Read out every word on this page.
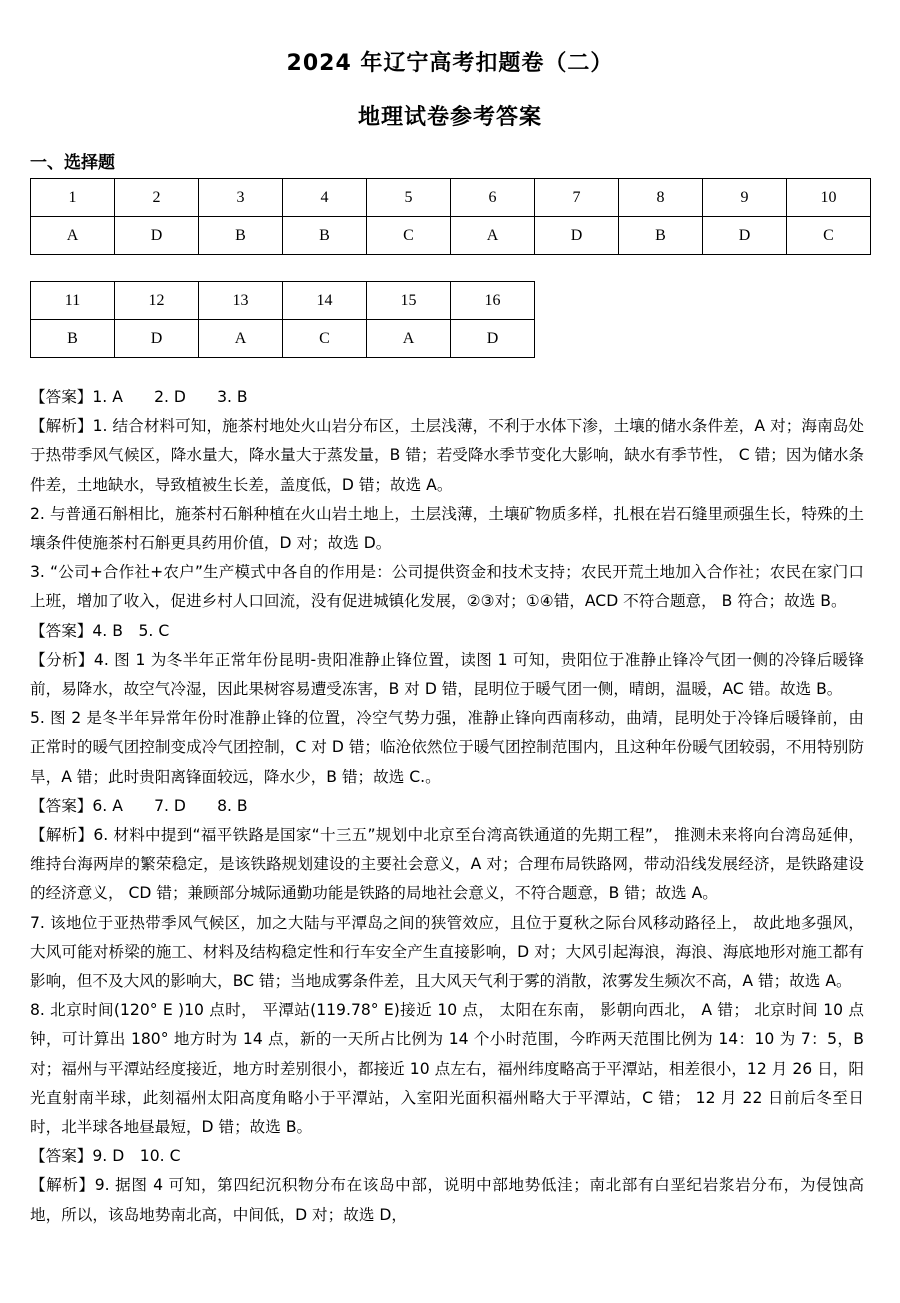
2024 年辽宁高考扣题卷（二）
地理试卷参考答案
一、选择题
1	2	3	4	5	6	7	8	9	10
A	D	B	B	C	A	D	B	D	C
11	12	13	14	15	16
B	D	A	C	A	D

【答案】1. A　　2. D　　3. B

【解析】1. 结合材料可知，施茶村地处火山岩分布区，土层浅薄，不利于水体下渗，土壤的储水条件差，A 对；海南岛处于热带季风气候区，降水量大，降水量大于蒸发量，B 错；若受降水季节变化大影响，缺水有季节性， C 错；因为储水条件差，土地缺水，导致植被生长差，盖度低，D 错；故选 A。

2. 与普通石斛相比，施茶村石斛种植在火山岩土地上，土层浅薄，土壤矿物质多样，扎根在岩石缝里顽强生长，特殊的土壤条件使施茶村石斛更具药用价值，D 对；故选 D。

3. “公司+合作社+农户”生产模式中各自的作用是：公司提供资金和技术支持；农民开荒土地加入合作社；农民在家门口上班，增加了收入，促进乡村人口回流，没有促进城镇化发展，②③对；①④错，ACD 不符合题意， B 符合；故选 B。

【答案】4. B　5. C

【分析】4. 图 1 为冬半年正常年份昆明-贵阳准静止锋位置，读图 1 可知，贵阳位于准静止锋冷气团一侧的冷锋后暖锋前，易降水，故空气冷湿，因此果树容易遭受冻害，B 对 D 错，昆明位于暖气团一侧，晴朗，温暖，AC 错。故选 B。

5. 图 2 是冬半年异常年份时准静止锋的位置，冷空气势力强，准静止锋向西南移动，曲靖，昆明处于冷锋后暖锋前，由正常时的暖气团控制变成冷气团控制，C 对 D 错；临沧依然位于暖气团控制范围内，且这种年份暖气团较弱，不用特别防旱，A 错；此时贵阳离锋面较远，降水少，B 错；故选 C.。

【答案】6. A　　7. D　　8. B

【解析】6. 材料中提到“福平铁路是国家“十三五”规划中北京至台湾高铁通道的先期工程”， 推测未来将向台湾岛延伸，维持台海两岸的繁荣稳定，是该铁路规划建设的主要社会意义，A 对；合理布局铁路网，带动沿线发展经济，是铁路建设的经济意义， CD 错；兼顾部分城际通勤功能是铁路的局地社会意义，不符合题意，B 错；故选 A。

7. 该地位于亚热带季风气候区，加之大陆与平潭岛之间的狭管效应，且位于夏秋之际台风移动路径上， 故此地多强风，大风可能对桥梁的施工、材料及结构稳定性和行车安全产生直接影响，D 对；大风引起海浪，海浪、海底地形对施工都有影响，但不及大风的影响大，BC 错；当地成雾条件差，且大风天气利于雾的消散，浓雾发生频次不高，A 错；故选 A。

8. 北京时间(120° E )10 点时， 平潭站(119.78° E)接近 10 点， 太阳在东南， 影朝向西北， A 错； 北京时间 10 点钟，可计算出 180° 地方时为 14 点，新的一天所占比例为 14 个小时范围，今昨两天范围比例为 14：10 为 7：5，B 对；福州与平潭站经度接近，地方时差别很小，都接近 10 点左右，福州纬度略高于平潭站，相差很小，12 月 26 日，阳光直射南半球，此刻福州太阳高度角略小于平潭站，入室阳光面积福州略大于平潭站，C 错； 12 月 22 日前后冬至日时，北半球各地昼最短，D 错；故选 B。

【答案】9. D　10. C

【解析】9. 据图 4 可知，第四纪沉积物分布在该岛中部，说明中部地势低洼；南北部有白垩纪岩浆岩分布，为侵蚀高地，所以，该岛地势南北高，中间低，D 对；故选 D，
